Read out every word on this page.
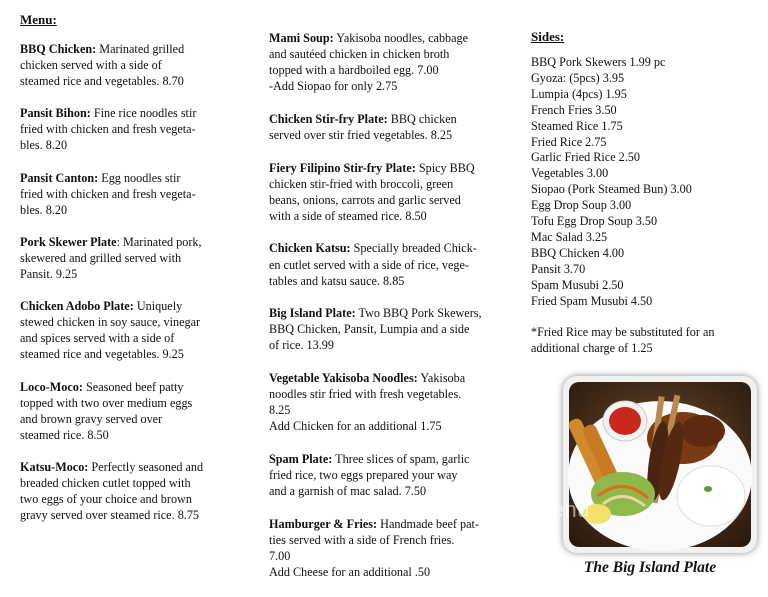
Menu:
BBQ Chicken: Marinated grilled
chicken served with a side of
steamed rice and vegetables. 8.70
Pansit Bihon: Fine rice noodles stir
fried with chicken and fresh vegeta-
bles. 8.20
Pansit Canton: Egg noodles stir
fried with chicken and fresh vegeta-
bles. 8.20
Pork Skewer Plate: Marinated pork,
skewered and grilled served with
Pansit. 9.25
Chicken Adobo Plate: Uniquely
stewed chicken in soy sauce, vinegar
and spices served with a side of
steamed rice and vegetables. 9.25
Loco-Moco: Seasoned beef patty
topped with two over medium eggs
and brown gravy served over
steamed rice. 8.50
Katsu-Moco: Perfectly seasoned and
breaded chicken cutlet topped with
two eggs of your choice and brown
gravy served over steamed rice. 8.75
Mami Soup: Yakisoba noodles, cabbage
and sautéed chicken in chicken broth
topped with a hardboiled egg. 7.00
-Add Siopao for only 2.75
Chicken Stir-fry Plate: BBQ chicken
served over stir fried vegetables. 8.25
Fiery Filipino Stir-fry Plate: Spicy BBQ
chicken stir-fried with broccoli, green
beans, onions, carrots and garlic served
with a side of steamed rice. 8.50
Chicken Katsu: Specially breaded Chick-
en cutlet served with a side of rice, vege-
tables and katsu sauce. 8.85
Big Island Plate: Two BBQ Pork Skewers,
BBQ Chicken, Pansit, Lumpia and a side
of rice. 13.99
Vegetable Yakisoba Noodles: Yakisoba
noodles stir fried with fresh vegetables.
8.25
Add Chicken for an additional 1.75
Spam Plate: Three slices of spam, garlic
fried rice, two eggs prepared your way
and a garnish of mac salad. 7.50
Hamburger & Fries: Handmade beef pat-
ties served with a side of French fries.
7.00
Add Cheese for an additional .50
Sides:
BBQ Pork Skewers 1.99 pc
Gyoza: (5pcs) 3.95
Lumpia (4pcs) 1.95
French Fries 3.50
Steamed Rice 1.75
Fried Rice 2.75
Garlic Fried Rice 2.50
Vegetables 3.00
Siopao (Pork Steamed Bun) 3.00
Egg Drop Soup 3.00
Tofu Egg Drop Soup 3.50
Mac Salad 3.25
BBQ Chicken 4.00
Pansit 3.70
Spam Musubi 2.50
Fried Spam Musubi 4.50
*Fried Rice may be substituted for an
additional charge of 1.25
menu
The Big Island Plate
